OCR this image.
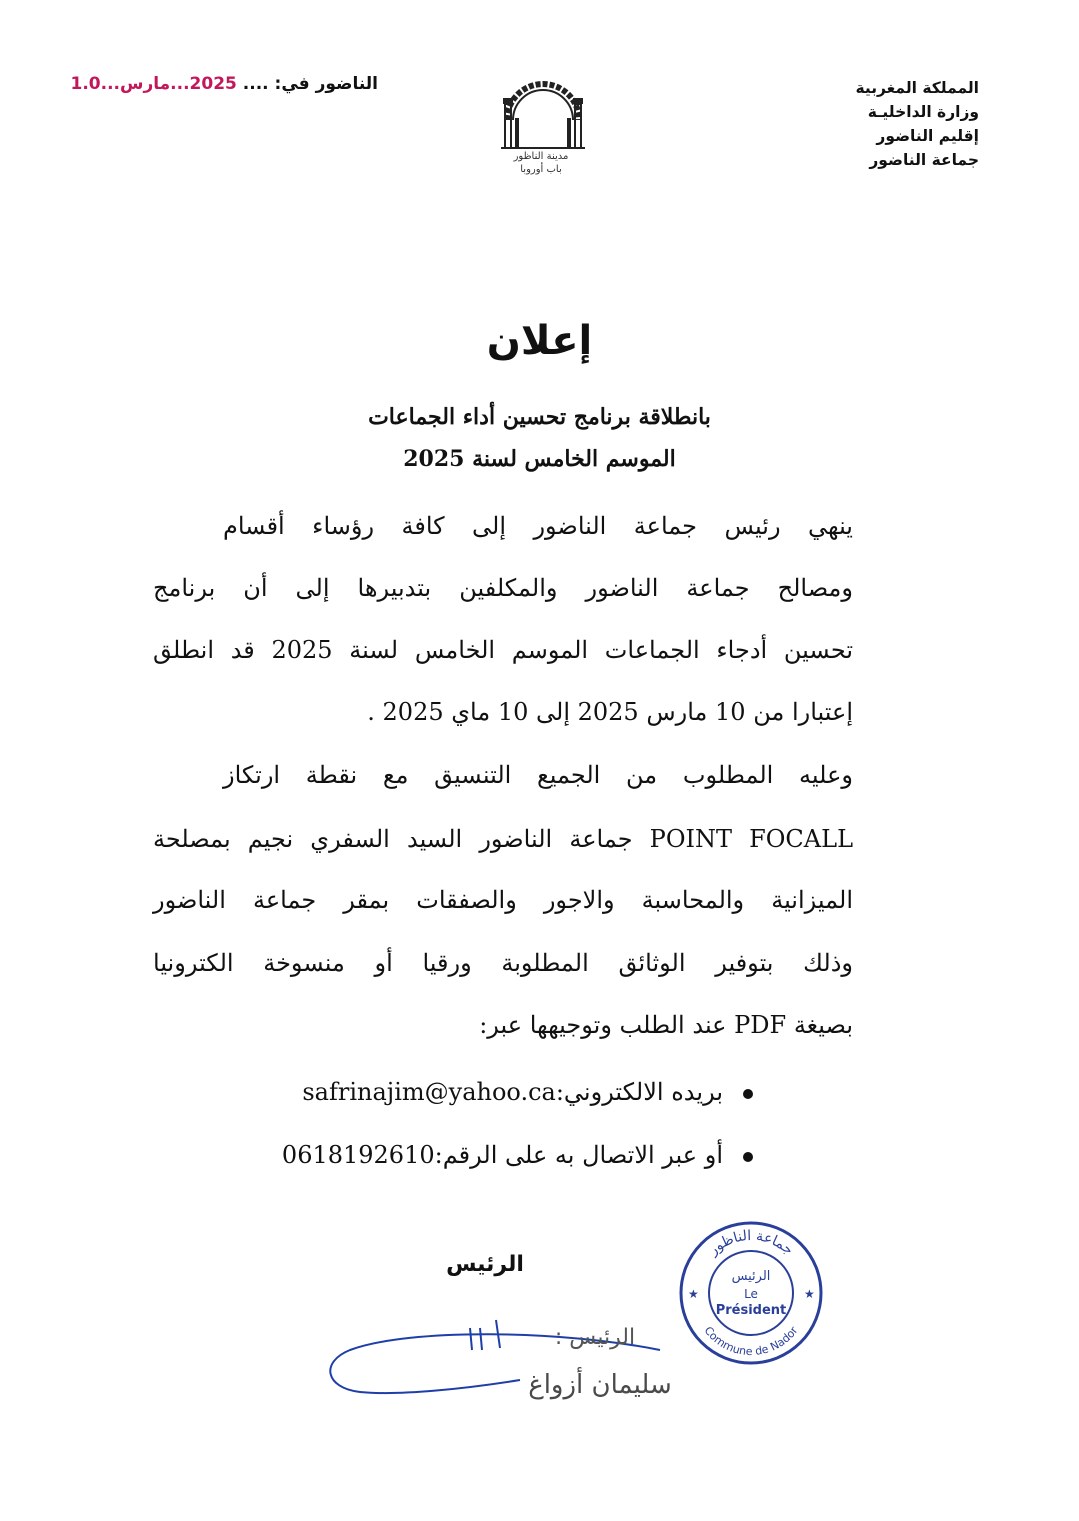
الناضور في: .... 2025...مارس...1.0
مدينة الناظور
باب أوروبا
المملكة المغربية
وزارة الداخليـة
إقليم الناضور
جماعة الناضور
إعلان
بانطلاقة برنامج تحسين أداء الجماعات
الموسم الخامس لسنة 2025
ينهي رئيس جماعة الناضور إلى كافة رؤساء أقسام
ومصالح جماعة الناضور والمكلفين بتدبيرها إلى أن برنامج
تحسين أدجاء الجماعات الموسم الخامس لسنة 2025 قد انطلق
إعتبارا من 10 مارس 2025 إلى 10 ماي 2025 .
وعليه المطلوب من الجميع التنسيق مع نقطة ارتكاز
POINT FOCALL جماعة الناضور السيد السفري نجيم بمصلحة
الميزانية والمحاسبة والاجور والصفقات بمقر جماعة الناضور
وذلك بتوفير الوثائق المطلوبة ورقيا أو منسوخة الكترونيا
بصيغة PDF عند الطلب وتوجيهها عبر:
بريده الالكتروني:safrinajim@yahoo.ca
أو عبر الاتصال به على الرقم:0618192610
الرئيس
الرئيس :
سليمان أزواغ
جماعة الناظور
Commune de Nador
الرئيس
Le
Président
★	★
